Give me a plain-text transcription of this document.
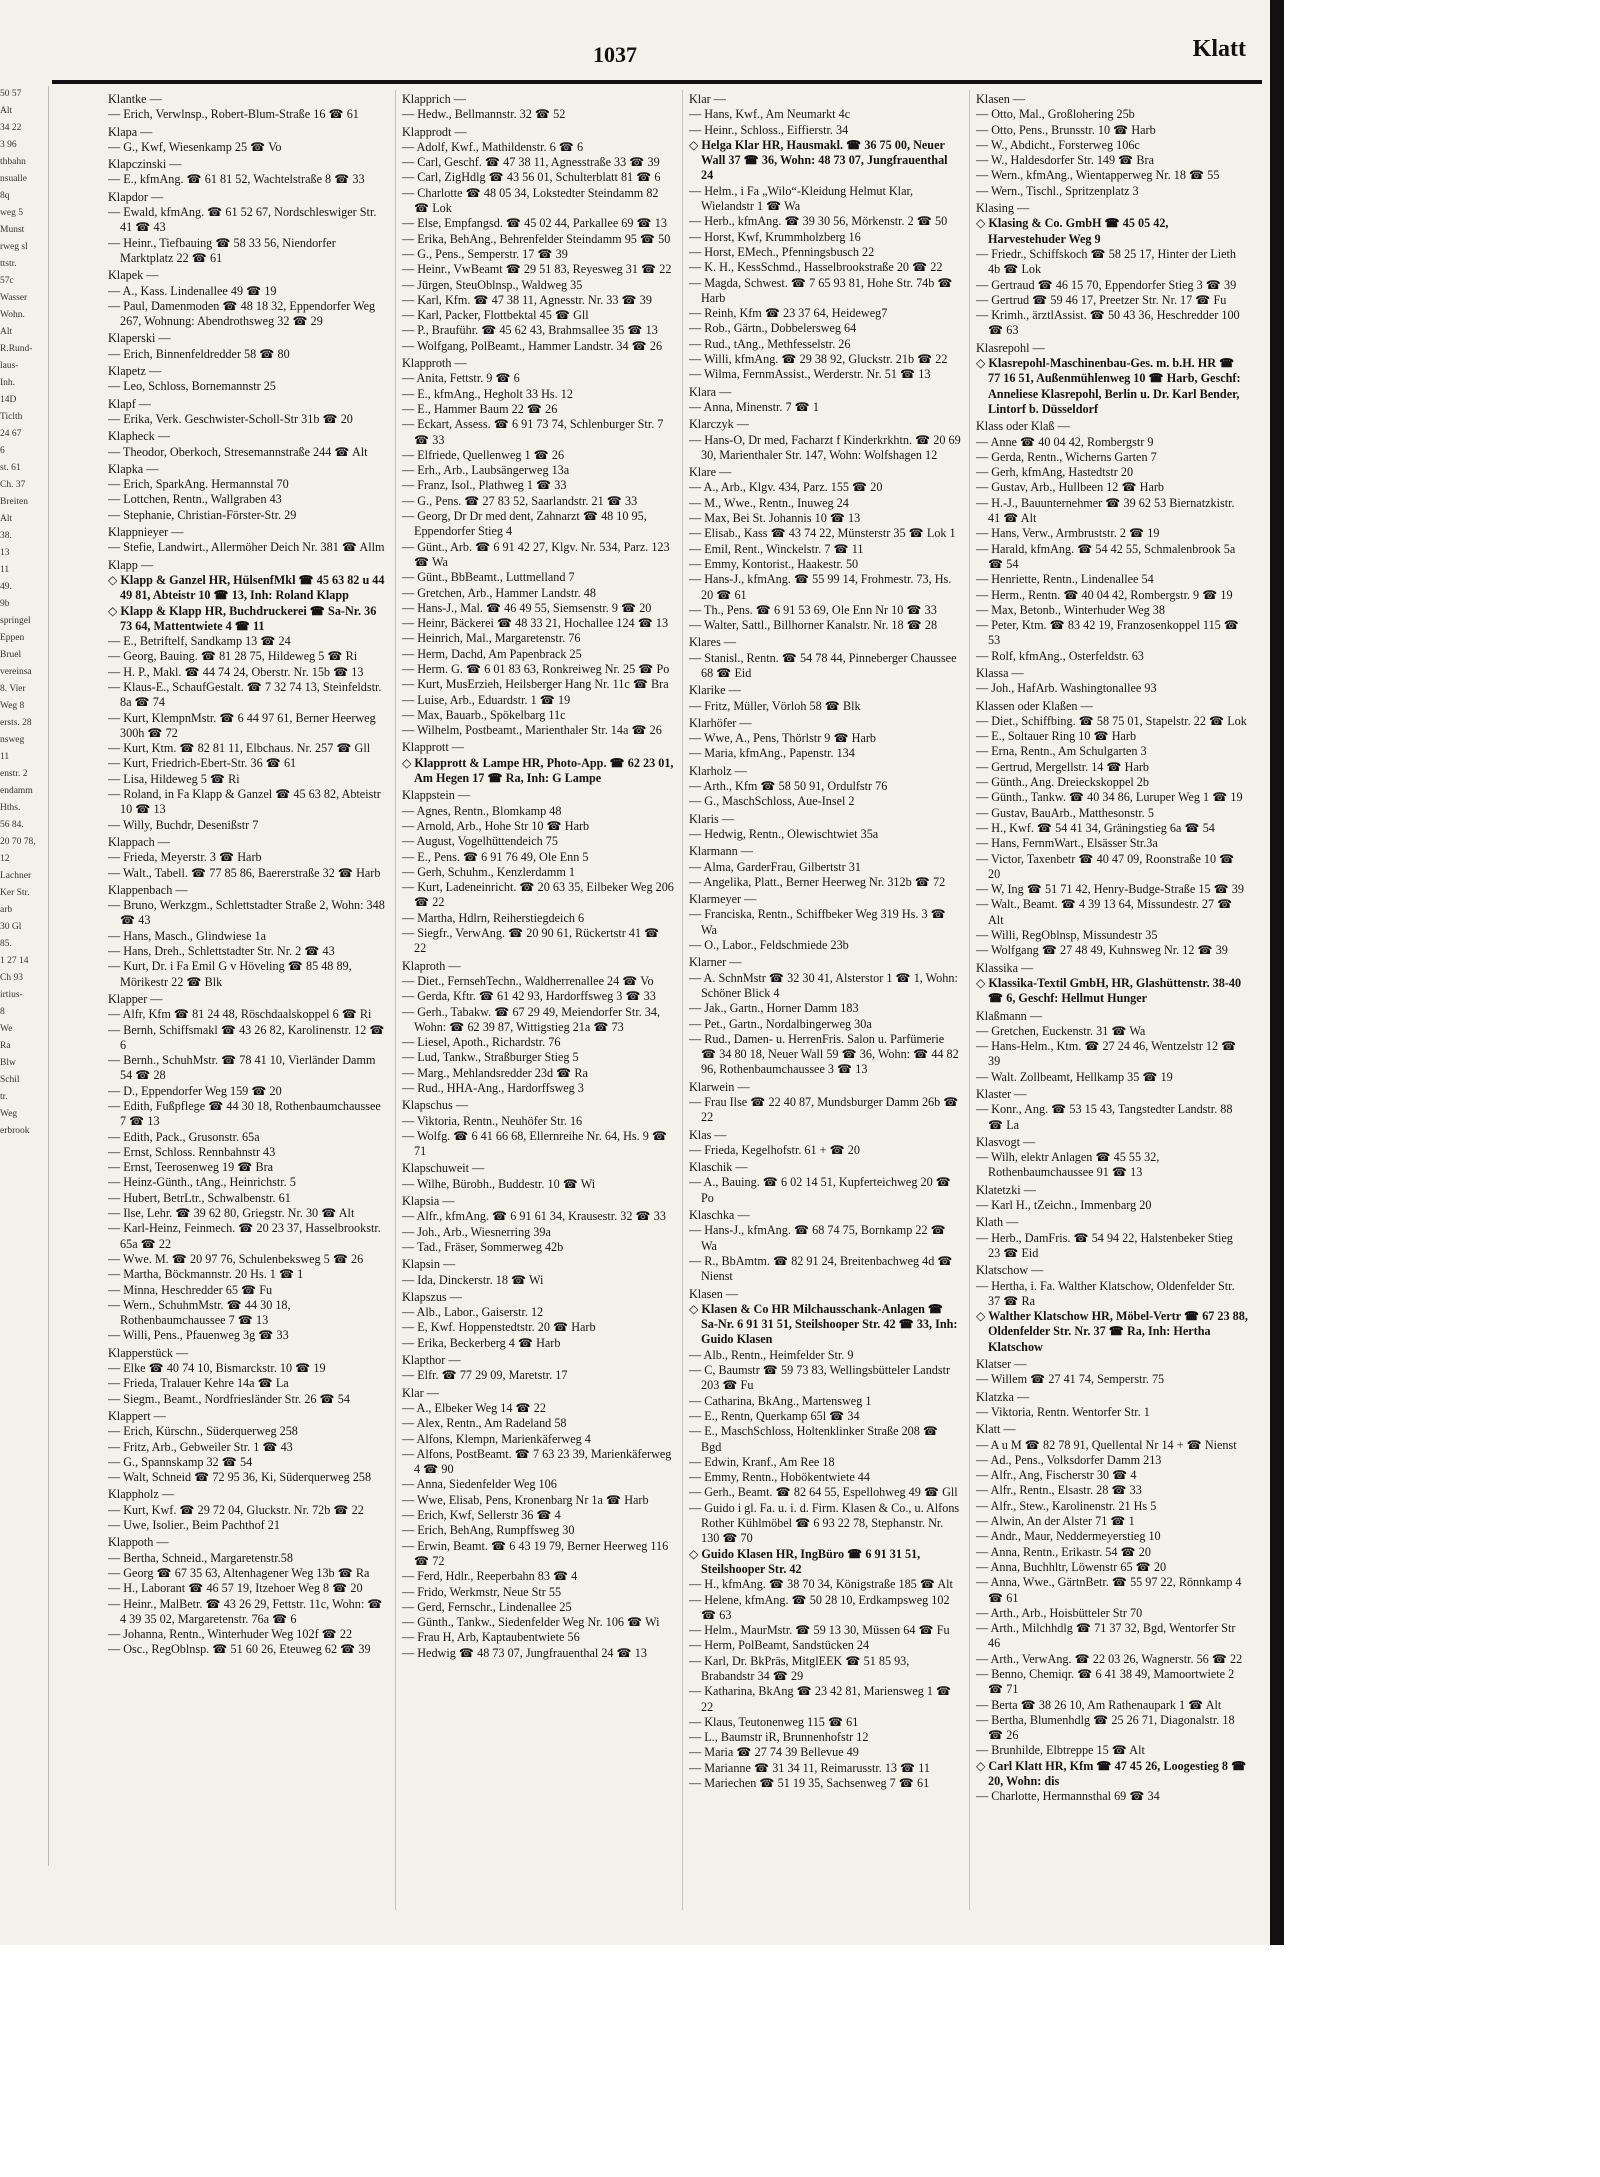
50 57
Alt
34 22
3 96
thbahn
nsualle
8q
weg 5
Munst
rweg sl
ttstr.
57c
Wasser
Wohn.
Alt
R.Rund-
laus-
Inh.
14D
Ticlth
24 67
6
st. 61
Ch. 37
Breiten
Alt
38.
13
11
49.
9b
springel
Eppen
Bruel
vereinsa
8. Vier
Weg 8
ersts. 28
nsweg
11
enstr. 2
endamm
Hths.
56 84.
20 70 78,
12
Lachner
Ker Str.
arb
30 Gl
85.
1 27 14
Ch 93
irtius-
8
We
Ra
Blw
Schil
tr.
Weg
erbrook
1037	Klatt
Klantke —
— Erich, Verwlnsp., Robert-Blum-Straße 16 ☎ 61
Klapa —
— G., Kwf, Wiesenkamp 25 ☎ Vo
Klapczinski —
— E., kfmAng. ☎ 61 81 52, Wachtelstraße 8 ☎ 33
Klapdor —
— Ewald, kfmAng. ☎ 61 52 67, Nordschleswiger Str. 41 ☎ 43
— Heinr., Tiefbauing ☎ 58 33 56, Niendorfer Marktplatz 22 ☎ 61
Klapek —
— A., Kass. Lindenallee 49 ☎ 19
— Paul, Damenmoden ☎ 48 18 32, Eppendorfer Weg 267, Wohnung: Abendrothsweg 32 ☎ 29
Klaperski —
— Erich, Binnenfeldredder 58 ☎ 80
Klapetz —
— Leo, Schloss, Bornemannstr 25
Klapf —
— Erika, Verk. Geschwister-Scholl-Str 31b ☎ 20
Klapheck —
— Theodor, Oberkoch, Stresemannstraße 244 ☎ Alt
Klapka —
— Erich, SparkAng. Hermannstal 70
— Lottchen, Rentn., Wallgraben 43
— Stephanie, Christian-Förster-Str. 29
Klappnieyer —
— Stefie, Landwirt., Allermöher Deich Nr. 381 ☎ Allm
Klapp —
◇ Klapp & Ganzel HR, HülsenfMkl ☎ 45 63 82 u 44 49 81, Abteistr 10 ☎ 13, Inh: Roland Klapp
◇ Klapp & Klapp HR, Buchdruckerei ☎ Sa-Nr. 36 73 64, Mattentwiete 4 ☎ 11
— E., Betriftelf, Sandkamp 13 ☎ 24
— Georg, Bauing. ☎ 81 28 75, Hildeweg 5 ☎ Ri
— H. P., Makl. ☎ 44 74 24, Oberstr. Nr. 15b ☎ 13
— Klaus-E., SchaufGestalt. ☎ 7 32 74 13, Steinfeldstr. 8a ☎ 74
— Kurt, KlempnMstr. ☎ 6 44 97 61, Berner Heerweg 300h ☎ 72
— Kurt, Ktm. ☎ 82 81 11, Elbchaus. Nr. 257 ☎ Gll
— Kurt, Friedrich-Ebert-Str. 36 ☎ 61
— Lisa, Hildeweg 5 ☎ Ri
— Roland, in Fa Klapp & Ganzel ☎ 45 63 82, Abteistr 10 ☎ 13
— Willy, Buchdr, Desenißstr 7
Klappach —
— Frieda, Meyerstr. 3 ☎ Harb
— Walt., Tabell. ☎ 77 85 86, Baererstraße 32 ☎ Harb
Klappenbach —
— Bruno, Werkzgm., Schlettstadter Straße 2, Wohn: 348 ☎ 43
— Hans, Masch., Glindwiese 1a
— Hans, Dreh., Schlettstadter Str. Nr. 2 ☎ 43
— Kurt, Dr. i Fa Emil G v Höveling ☎ 85 48 89, Mörikestr 22 ☎ Blk
Klapper —
— Alfr, Kfm ☎ 81 24 48, Röschdaalskoppel 6 ☎ Ri
— Bernh, Schiffsmakl ☎ 43 26 82, Karolinenstr. 12 ☎ 6
— Bernh., SchuhMstr. ☎ 78 41 10, Vierländer Damm 54 ☎ 28
— D., Eppendorfer Weg 159 ☎ 20
— Edith, Fußpflege ☎ 44 30 18, Rothenbaumchaussee 7 ☎ 13
— Edith, Pack., Grusonstr. 65a
— Ernst, Schloss. Rennbahnstr 43
— Ernst, Teerosenweg 19 ☎ Bra
— Heinz-Günth., tAng., Heinrichstr. 5
— Hubert, BetrLtr., Schwalbenstr. 61
— Ilse, Lehr. ☎ 39 62 80, Griegstr. Nr. 30 ☎ Alt
— Karl-Heinz, Feinmech. ☎ 20 23 37, Hasselbrookstr. 65a ☎ 22
— Wwe. M. ☎ 20 97 76, Schulenbeksweg 5 ☎ 26
— Martha, Böckmannstr. 20 Hs. 1 ☎ 1
— Minna, Heschredder 65 ☎ Fu
— Wern., SchuhmMstr. ☎ 44 30 18, Rothenbaumchaussee 7 ☎ 13
— Willi, Pens., Pfauenweg 3g ☎ 33
Klapperstück —
— Elke ☎ 40 74 10, Bismarckstr. 10 ☎ 19
— Frieda, Tralauer Kehre 14a ☎ La
— Siegm., Beamt., Nordfriesländer Str. 26 ☎ 54
Klappert —
— Erich, Kürschn., Süderquerweg 258
— Fritz, Arb., Gebweiler Str. 1 ☎ 43
— G., Spannskamp 32 ☎ 54
— Walt, Schneid ☎ 72 95 36, Ki, Süderquerweg 258
Klappholz —
— Kurt, Kwf. ☎ 29 72 04, Gluckstr. Nr. 72b ☎ 22
— Uwe, Isolier., Beim Pachthof 21
Klappoth —
— Bertha, Schneid., Margaretenstr.58
— Georg ☎ 67 35 63, Altenhagener Weg 13b ☎ Ra
— H., Laborant ☎ 46 57 19, Itzehoer Weg 8 ☎ 20
— Heinr., MalBetr. ☎ 43 26 29, Fettstr. 11c, Wohn: ☎ 4 39 35 02, Margaretenstr. 76a ☎ 6
— Johanna, Rentn., Winterhuder Weg 102f ☎ 22
— Osc., RegOblnsp. ☎ 51 60 26, Eteuweg 62 ☎ 39
Klapprich —
— Hedw., Bellmannstr. 32 ☎ 52
Klapprodt —
— Adolf, Kwf., Mathildenstr. 6 ☎ 6
— Carl, Geschf. ☎ 47 38 11, Agnesstraße 33 ☎ 39
— Carl, ZigHdlg ☎ 43 56 01, Schulterblatt 81 ☎ 6
— Charlotte ☎ 48 05 34, Lokstedter Steindamm 82 ☎ Lok
— Else, Empfangsd. ☎ 45 02 44, Parkallee 69 ☎ 13
— Erika, BehAng., Behrenfelder Steindamm 95 ☎ 50
— G., Pens., Semperstr. 17 ☎ 39
— Heinr., VwBeamt ☎ 29 51 83, Reyesweg 31 ☎ 22
— Jürgen, SteuOblnsp., Waldweg 35
— Karl, Kfm. ☎ 47 38 11, Agnesstr. Nr. 33 ☎ 39
— Karl, Packer, Flottbektal 45 ☎ Gll
— P., Brauführ. ☎ 45 62 43, Brahmsallee 35 ☎ 13
— Wolfgang, PolBeamt., Hammer Landstr. 34 ☎ 26
Klapproth —
— Anita, Fettstr. 9 ☎ 6
— E., kfmAng., Hegholt 33 Hs. 12
— E., Hammer Baum 22 ☎ 26
— Eckart, Assess. ☎ 6 91 73 74, Schlenburger Str. 7 ☎ 33
— Elfriede, Quellenweg 1 ☎ 26
— Erh., Arb., Laubsängerweg 13a
— Franz, Isol., Plathweg 1 ☎ 33
— G., Pens. ☎ 27 83 52, Saarlandstr. 21 ☎ 33
— Georg, Dr Dr med dent, Zahnarzt ☎ 48 10 95, Eppendorfer Stieg 4
— Günt., Arb. ☎ 6 91 42 27, Klgv. Nr. 534, Parz. 123 ☎ Wa
— Günt., BbBeamt., Luttmelland 7
— Gretchen, Arb., Hammer Landstr. 48
— Hans-J., Mal. ☎ 46 49 55, Siemsenstr. 9 ☎ 20
— Heinr, Bäckerei ☎ 48 33 21, Hochallee 124 ☎ 13
— Heinrich, Mal., Margaretenstr. 76
— Herm, Dachd, Am Papenbrack 25
— Herm. G. ☎ 6 01 83 63, Ronkreiweg Nr. 25 ☎ Po
— Kurt, MusErzieh, Heilsberger Hang Nr. 11c ☎ Bra
— Luise, Arb., Eduardstr. 1 ☎ 19
— Max, Bauarb., Spökelbarg 11c
— Wilhelm, Postbeamt., Marienthaler Str. 14a ☎ 26
Klapprott —
◇ Klapprott & Lampe HR, Photo-App. ☎ 62 23 01, Am Hegen 17 ☎ Ra, Inh: G Lampe
Klappstein —
— Agnes, Rentn., Blomkamp 48
— Arnold, Arb., Hohe Str 10 ☎ Harb
— August, Vogelhüttendeich 75
— E., Pens. ☎ 6 91 76 49, Ole Enn 5
— Gerh, Schuhm., Kenzlerdamm 1
— Kurt, Ladeneinricht. ☎ 20 63 35, Eilbeker Weg 206 ☎ 22
— Martha, Hdlrn, Reiherstiegdeich 6
— Siegfr., VerwAng. ☎ 20 90 61, Rückertstr 41 ☎ 22
Klaproth —
— Diet., FernsehTechn., Waldherrenallee 24 ☎ Vo
— Gerda, Kftr. ☎ 61 42 93, Hardorffsweg 3 ☎ 33
— Gerh., Tabakw. ☎ 67 29 49, Meiendorfer Str. 34, Wohn: ☎ 62 39 87, Wittigstieg 21a ☎ 73
— Liesel, Apoth., Richardstr. 76
— Lud, Tankw., Straßburger Stieg 5
— Marg., Mehlandsredder 23d ☎ Ra
— Rud., HHA-Ang., Hardorffsweg 3
Klapschus —
— Viktoria, Rentn., Neuhöfer Str. 16
— Wolfg. ☎ 6 41 66 68, Ellernreihe Nr. 64, Hs. 9 ☎ 71
Klapschuweit —
— Wilhe, Bürobh., Buddestr. 10 ☎ Wi
Klapsia —
— Alfr., kfmAng. ☎ 6 91 61 34, Krausestr. 32 ☎ 33
— Joh., Arb., Wiesnerring 39a
— Tad., Fräser, Sommerweg 42b
Klapsin —
— Ida, Dinckerstr. 18 ☎ Wi
Klapszus —
— Alb., Labor., Gaiserstr. 12
— E, Kwf. Hoppenstedtstr. 20 ☎ Harb
— Erika, Beckerberg 4 ☎ Harb
Klapthor —
— Elfr. ☎ 77 29 09, Maretstr. 17
Klar —
— A., Elbeker Weg 14 ☎ 22
— Alex, Rentn., Am Radeland 58
— Alfons, Klempn, Marienkäferweg 4
— Alfons, PostBeamt. ☎ 7 63 23 39, Marienkäferweg 4 ☎ 90
— Anna, Siedenfelder Weg 106
— Wwe, Elisab, Pens, Kronenbarg Nr 1a ☎ Harb
— Erich, Kwf, Sellerstr 36 ☎ 4
— Erich, BehAng, Rumpffsweg 30
— Erwin, Beamt. ☎ 6 43 19 79, Berner Heerweg 116 ☎ 72
— Ferd, Hdlr., Reeperbahn 83 ☎ 4
— Frido, Werkmstr, Neue Str 55
— Gerd, Fernschr., Lindenallee 25
— Günth., Tankw., Siedenfelder Weg Nr. 106 ☎ Wi
— Frau H, Arb, Kaptaubentwiete 56
— Hedwig ☎ 48 73 07, Jungfrauenthal 24 ☎ 13
Klar —
— Hans, Kwf., Am Neumarkt 4c
— Heinr., Schloss., Eiffierstr. 34
◇ Helga Klar HR, Hausmakl. ☎ 36 75 00, Neuer Wall 37 ☎ 36, Wohn: 48 73 07, Jungfrauenthal 24
— Helm., i Fa „Wilo“-Kleidung Helmut Klar, Wielandstr 1 ☎ Wa
— Herb., kfmAng. ☎ 39 30 56, Mörkenstr. 2 ☎ 50
— Horst, Kwf, Krummholzberg 16
— Horst, EMech., Pfenningsbusch 22
— K. H., KessSchmd., Hasselbrookstraße 20 ☎ 22
— Magda, Schwest. ☎ 7 65 93 81, Hohe Str. 74b ☎ Harb
— Reinh, Kfm ☎ 23 37 64, Heideweg7
— Rob., Gärtn., Dobbelersweg 64
— Rud., tAng., Methfesselstr. 26
— Willi, kfmAng. ☎ 29 38 92, Gluckstr. 21b ☎ 22
— Wilma, FernmAssist., Werderstr. Nr. 51 ☎ 13
Klara —
— Anna, Minenstr. 7 ☎ 1
Klarczyk —
— Hans-O, Dr med, Facharzt f Kinderkrkhtn. ☎ 20 69 30, Marienthaler Str. 147, Wohn: Wolfshagen 12
Klare —
— A., Arb., Klgv. 434, Parz. 155 ☎ 20
— M., Wwe., Rentn., Inuweg 24
— Max, Bei St. Johannis 10 ☎ 13
— Elisab., Kass ☎ 43 74 22, Münsterstr 35 ☎ Lok 1
— Emil, Rent., Winckelstr. 7 ☎ 11
— Emmy, Kontorist., Haakestr. 50
— Hans-J., kfmAng. ☎ 55 99 14, Frohmestr. 73, Hs. 20 ☎ 61
— Th., Pens. ☎ 6 91 53 69, Ole Enn Nr 10 ☎ 33
— Walter, Sattl., Billhorner Kanalstr. Nr. 18 ☎ 28
Klares —
— Stanisl., Rentn. ☎ 54 78 44, Pinneberger Chaussee 68 ☎ Eid
Klarike —
— Fritz, Müller, Vörloh 58 ☎ Blk
Klarhöfer —
— Wwe, A., Pens, Thörlstr 9 ☎ Harb
— Maria, kfmAng., Papenstr. 134
Klarholz —
— Arth., Kfm ☎ 58 50 91, Ordulfstr 76
— G., MaschSchloss, Aue-Insel 2
Klaris —
— Hedwig, Rentn., Olewischtwiet 35a
Klarmann —
— Alma, GarderFrau, Gilbertstr 31
— Angelika, Platt., Berner Heerweg Nr. 312b ☎ 72
Klarmeyer —
— Franciska, Rentn., Schiffbeker Weg 319 Hs. 3 ☎ Wa
— O., Labor., Feldschmiede 23b
Klarner —
— A. SchnMstr ☎ 32 30 41, Alsterstor 1 ☎ 1, Wohn: Schöner Blick 4
— Jak., Gartn., Horner Damm 183
— Pet., Gartn., Nordalbingerweg 30a
— Rud., Damen- u. HerrenFris. Salon u. Parfümerie ☎ 34 80 18, Neuer Wall 59 ☎ 36, Wohn: ☎ 44 82 96, Rothenbaumchaussee 3 ☎ 13
Klarwein —
— Frau Ilse ☎ 22 40 87, Mundsburger Damm 26b ☎ 22
Klas —
— Frieda, Kegelhofstr. 61 + ☎ 20
Klaschik —
— A., Bauing. ☎ 6 02 14 51, Kupferteichweg 20 ☎ Po
Klaschka —
— Hans-J., kfmAng. ☎ 68 74 75, Bornkamp 22 ☎ Wa
— R., BbAmtm. ☎ 82 91 24, Breitenbachweg 4d ☎ Nienst
Klasen —
◇ Klasen & Co HR Milchausschank-Anlagen ☎ Sa-Nr. 6 91 31 51, Steilshooper Str. 42 ☎ 33, Inh: Guido Klasen
— Alb., Rentn., Heimfelder Str. 9
— C, Baumstr ☎ 59 73 83, Wellingsbütteler Landstr 203 ☎ Fu
— Catharina, BkAng., Martensweg 1
— E., Rentn, Querkamp 65l ☎ 34
— E., MaschSchloss, Holtenklinker Straße 208 ☎ Bgd
— Edwin, Kranf., Am Ree 18
— Emmy, Rentn., Hobökentwiete 44
— Gerh., Beamt. ☎ 82 64 55, Espellohweg 49 ☎ Gll
— Guido i gl. Fa. u. i. d. Firm. Klasen & Co., u. Alfons Rother Kühlmöbel ☎ 6 93 22 78, Stephanstr. Nr. 130 ☎ 70
◇ Guido Klasen HR, IngBüro ☎ 6 91 31 51, Steilshooper Str. 42
— H., kfmAng. ☎ 38 70 34, Königstraße 185 ☎ Alt
— Helene, kfmAng. ☎ 50 28 10, Erdkampsweg 102 ☎ 63
— Helm., MaurMstr. ☎ 59 13 30, Müssen 64 ☎ Fu
— Herm, PolBeamt, Sandstücken 24
— Karl, Dr. BkPräs, MitglEEK ☎ 51 85 93, Brabandstr 34 ☎ 29
— Katharina, BkAng ☎ 23 42 81, Mariensweg 1 ☎ 22
— Klaus, Teutonenweg 115 ☎ 61
— L., Baumstr iR, Brunnenhofstr 12
— Maria ☎ 27 74 39 Bellevue 49
— Marianne ☎ 31 34 11, Reimarusstr. 13 ☎ 11
— Mariechen ☎ 51 19 35, Sachsenweg 7 ☎ 61
Klasen —
— Otto, Mal., Großlohering 25b
— Otto, Pens., Brunsstr. 10 ☎ Harb
— W., Abdicht., Forsterweg 106c
— W., Haldesdorfer Str. 149 ☎ Bra
— Wern., kfmAng., Wientapperweg Nr. 18 ☎ 55
— Wern., Tischl., Spritzenplatz 3
Klasing —
◇ Klasing & Co. GmbH ☎ 45 05 42, Harvestehuder Weg 9
— Friedr., Schiffskoch ☎ 58 25 17, Hinter der Lieth 4b ☎ Lok
— Gertraud ☎ 46 15 70, Eppendorfer Stieg 3 ☎ 39
— Gertrud ☎ 59 46 17, Preetzer Str. Nr. 17 ☎ Fu
— Krimh., ärztlAssist. ☎ 50 43 36, Heschredder 100 ☎ 63
Klasrepohl —
◇ Klasrepohl-Maschinenbau-Ges. m. b.H. HR ☎ 77 16 51, Außenmühlenweg 10 ☎ Harb, Geschf: Anneliese Klasrepohl, Berlin u. Dr. Karl Bender, Lintorf b. Düsseldorf
Klass oder Klaß —
— Anne ☎ 40 04 42, Rombergstr 9
— Gerda, Rentn., Wicherns Garten 7
— Gerh, kfmAng, Hastedtstr 20
— Gustav, Arb., Hullbeen 12 ☎ Harb
— H.-J., Bauunternehmer ☎ 39 62 53 Biernatzkistr. 41 ☎ Alt
— Hans, Verw., Armbruststr. 2 ☎ 19
— Harald, kfmAng. ☎ 54 42 55, Schmalenbrook 5a ☎ 54
— Henriette, Rentn., Lindenallee 54
— Herm., Rentn. ☎ 40 04 42, Rombergstr. 9 ☎ 19
— Max, Betonb., Winterhuder Weg 38
— Peter, Ktm. ☎ 83 42 19, Franzosenkoppel 115 ☎ 53
— Rolf, kfmAng., Osterfeldstr. 63
Klassa —
— Joh., HafArb. Washingtonallee 93
Klassen oder Klaßen —
— Diet., Schiffbing. ☎ 58 75 01, Stapelstr. 22 ☎ Lok
— E., Soltauer Ring 10 ☎ Harb
— Erna, Rentn., Am Schulgarten 3
— Gertrud, Mergellstr. 14 ☎ Harb
— Günth., Ang. Dreieckskoppel 2b
— Günth., Tankw. ☎ 40 34 86, Luruper Weg 1 ☎ 19
— Gustav, BauArb., Matthesonstr. 5
— H., Kwf. ☎ 54 41 34, Gräningstieg 6a ☎ 54
— Hans, FernmWart., Elsässer Str.3a
— Victor, Taxenbetr ☎ 40 47 09, Roonstraße 10 ☎ 20
— W, Ing ☎ 51 71 42, Henry-Budge-Straße 15 ☎ 39
— Walt., Beamt. ☎ 4 39 13 64, Missundestr. 27 ☎ Alt
— Willi, RegOblnsp, Missundestr 35
— Wolfgang ☎ 27 48 49, Kuhnsweg Nr. 12 ☎ 39
Klassika —
◇ Klassika-Textil GmbH, HR, Glashüttenstr. 38-40 ☎ 6, Geschf: Hellmut Hunger
Klaßmann —
— Gretchen, Euckenstr. 31 ☎ Wa
— Hans-Helm., Ktm. ☎ 27 24 46, Wentzelstr 12 ☎ 39
— Walt. Zollbeamt, Hellkamp 35 ☎ 19
Klaster —
— Konr., Ang. ☎ 53 15 43, Tangstedter Landstr. 88 ☎ La
Klasvogt —
— Wilh, elektr Anlagen ☎ 45 55 32, Rothenbaumchaussee 91 ☎ 13
Klatetzki —
— Karl H., tZeichn., Immenbarg 20
Klath —
— Herb., DamFris. ☎ 54 94 22, Halstenbeker Stieg 23 ☎ Eid
Klatschow —
— Hertha, i. Fa. Walther Klatschow, Oldenfelder Str. 37 ☎ Ra
◇ Walther Klatschow HR, Möbel-Vertr ☎ 67 23 88, Oldenfelder Str. Nr. 37 ☎ Ra, Inh: Hertha Klatschow
Klatser —
— Willem ☎ 27 41 74, Semperstr. 75
Klatzka —
— Viktoria, Rentn. Wentorfer Str. 1
Klatt —
— A u M ☎ 82 78 91, Quellental Nr 14 + ☎ Nienst
— Ad., Pens., Volksdorfer Damm 213
— Alfr., Ang, Fischerstr 30 ☎ 4
— Alfr., Rentn., Elsastr. 28 ☎ 33
— Alfr., Stew., Karolinenstr. 21 Hs 5
— Alwin, An der Alster 71 ☎ 1
— Andr., Maur, Neddermeyerstieg 10
— Anna, Rentn., Erikastr. 54 ☎ 20
— Anna, Buchhltr, Löwenstr 65 ☎ 20
— Anna, Wwe., GärtnBetr. ☎ 55 97 22, Rönnkamp 4 ☎ 61
— Arth., Arb., Hoisbütteler Str 70
— Arth., Milchhdlg ☎ 71 37 32, Bgd, Wentorfer Str 46
— Arth., VerwAng. ☎ 22 03 26, Wagnerstr. 56 ☎ 22
— Benno, Chemiqr. ☎ 6 41 38 49, Mamoortwiete 2 ☎ 71
— Berta ☎ 38 26 10, Am Rathenaupark 1 ☎ Alt
— Bertha, Blumenhdlg ☎ 25 26 71, Diagonalstr. 18 ☎ 26
— Brunhilde, Elbtreppe 15 ☎ Alt
◇ Carl Klatt HR, Kfm ☎ 47 45 26, Loogestieg 8 ☎ 20, Wohn: dis
— Charlotte, Hermannsthal 69 ☎ 34
